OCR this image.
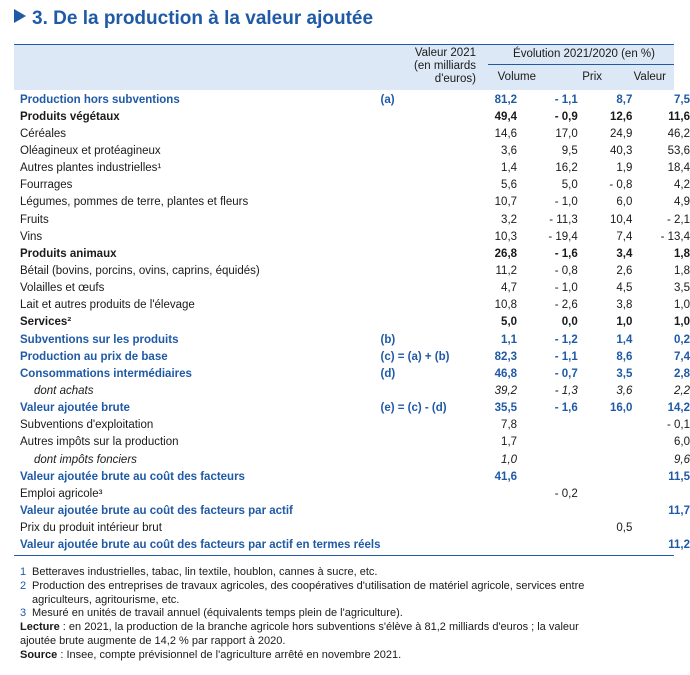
3. De la production à la valeur ajoutée
Valeur 2021
(en milliards
d'euros)
Évolution 2021/2020 (en %)
Volume	Prix	Valeur
Production hors subventions	(a)	81,2	- 1,1	8,7	7,5
Produits végétaux		49,4	- 0,9	12,6	11,6
Céréales		14,6	17,0	24,9	46,2
Oléagineux et protéagineux		3,6	9,5	40,3	53,6
Autres plantes industrielles¹		1,4	16,2	1,9	18,4
Fourrages		5,6	5,0	- 0,8	4,2
Légumes, pommes de terre, plantes et fleurs		10,7	- 1,0	6,0	4,9
Fruits		3,2	- 11,3	10,4	- 2,1
Vins		10,3	- 19,4	7,4	- 13,4
Produits animaux		26,8	- 1,6	3,4	1,8
Bétail (bovins, porcins, ovins, caprins, équidés)		11,2	- 0,8	2,6	1,8
Volailles et œufs		4,7	- 1,0	4,5	3,5
Lait et autres produits de l'élevage		10,8	- 2,6	3,8	1,0
Services²		5,0	0,0	1,0	1,0
Subventions sur les produits	(b)	1,1	- 1,2	1,4	0,2
Production au prix de base	(c) = (a) + (b)	82,3	- 1,1	8,6	7,4
Consommations intermédiaires	(d)	46,8	- 0,7	3,5	2,8
dont achats		39,2	- 1,3	3,6	2,2
Valeur ajoutée brute	(e) = (c) - (d)	35,5	- 1,6	16,0	14,2
Subventions d'exploitation		7,8			- 0,1
Autres impôts sur la production		1,7			6,0
dont impôts fonciers		1,0			9,6
Valeur ajoutée brute au coût des facteurs		41,6			11,5
Emploi agricole³			- 0,2		
Valeur ajoutée brute au coût des facteurs par actif					11,7
Prix du produit intérieur brut				0,5	
Valeur ajoutée brute au coût des facteurs par actif en termes réels					11,2

1 Betteraves industrielles, tabac, lin textile, houblon, cannes à sucre, etc.

2 Production des entreprises de travaux agricoles, des coopératives d'utilisation de matériel agricole, services entre

agriculteurs, agritourisme, etc.

3 Mesuré en unités de travail annuel (équivalents temps plein de l'agriculture).

Lecture : en 2021, la production de la branche agricole hors subventions s'élève à 81,2 milliards d'euros ; la valeur

ajoutée brute augmente de 14,2 % par rapport à 2020.

Source : Insee, compte prévisionnel de l'agriculture arrêté en novembre 2021.
